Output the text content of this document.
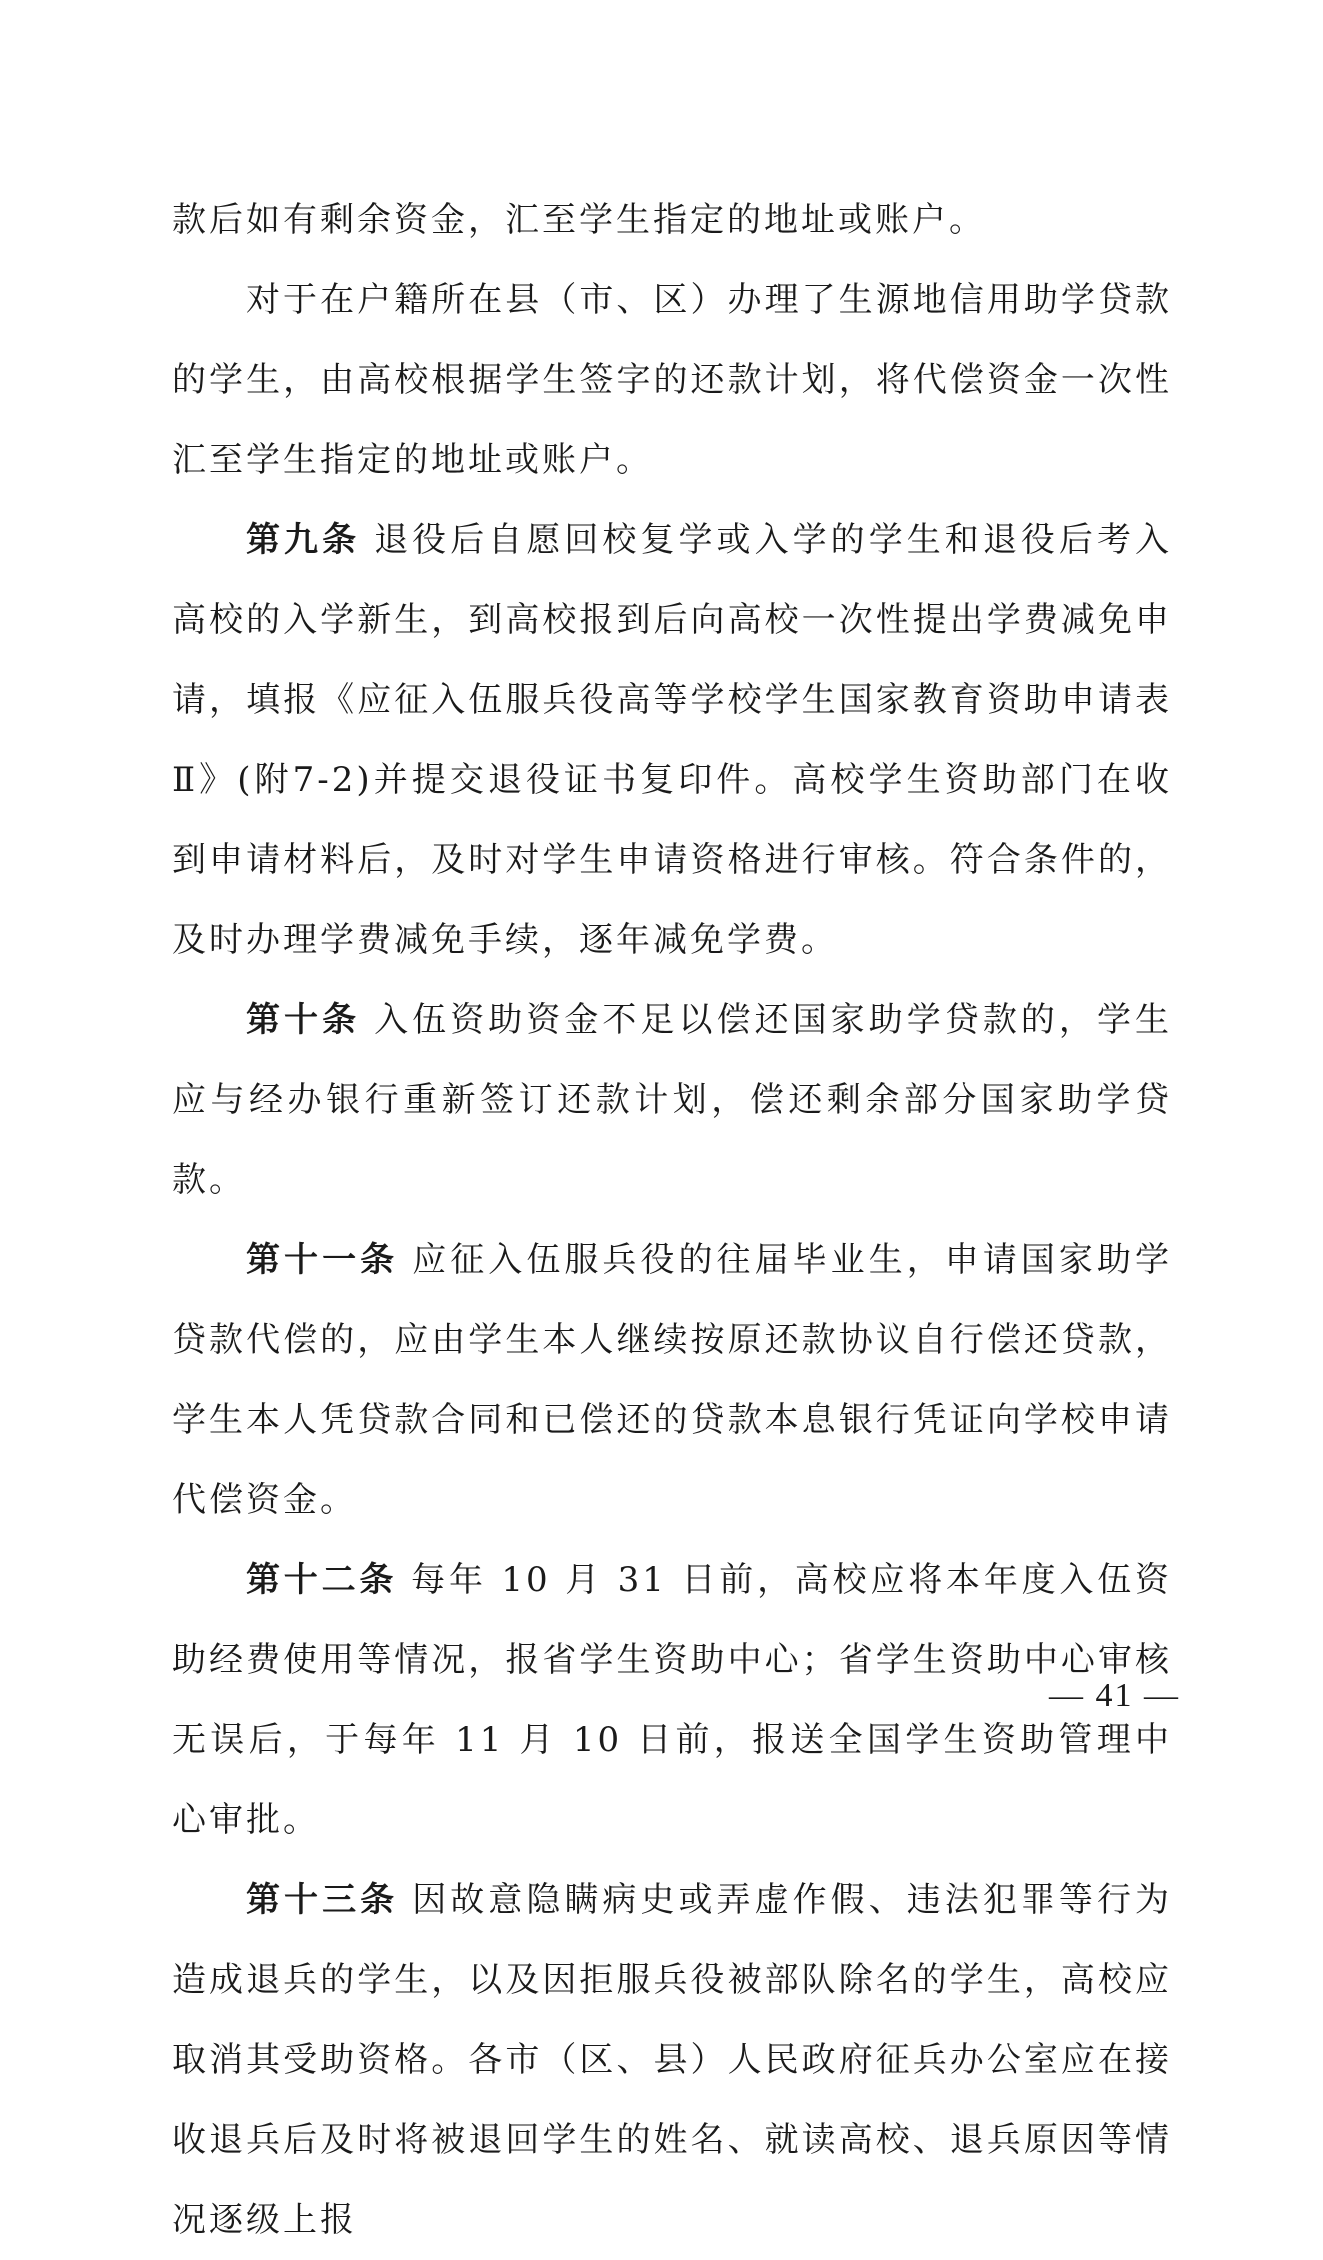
款后如有剩余资金，汇至学生指定的地址或账户。

对于在户籍所在县（市、区）办理了生源地信用助学贷款的学生，由高校根据学生签字的还款计划，将代偿资金一次性汇至学生指定的地址或账户。

第九条 退役后自愿回校复学或入学的学生和退役后考入高校的入学新生，到高校报到后向高校一次性提出学费减免申请，填报《应征入伍服兵役高等学校学生国家教育资助申请表Ⅱ》(附7-2)并提交退役证书复印件。高校学生资助部门在收到申请材料后，及时对学生申请资格进行审核。符合条件的，及时办理学费减免手续，逐年减免学费。

第十条 入伍资助资金不足以偿还国家助学贷款的，学生应与经办银行重新签订还款计划，偿还剩余部分国家助学贷款。

第十一条 应征入伍服兵役的往届毕业生，申请国家助学贷款代偿的，应由学生本人继续按原还款协议自行偿还贷款，学生本人凭贷款合同和已偿还的贷款本息银行凭证向学校申请代偿资金。

第十二条 每年 10 月 31 日前，高校应将本年度入伍资助经费使用等情况，报省学生资助中心；省学生资助中心审核无误后，于每年 11 月 10 日前，报送全国学生资助管理中心审批。

第十三条 因故意隐瞒病史或弄虚作假、违法犯罪等行为造成退兵的学生，以及因拒服兵役被部队除名的学生，高校应取消其受助资格。各市（区、县）人民政府征兵办公室应在接收退兵后及时将被退回学生的姓名、就读高校、退兵原因等情况逐级上报

— 41 —
